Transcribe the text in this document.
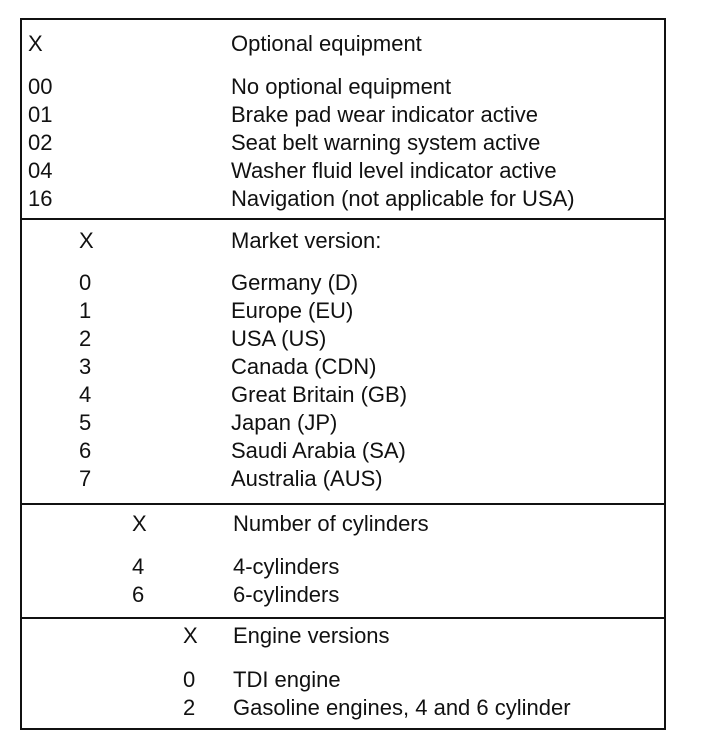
X	Optional equipment
00	No optional equipment
01	Brake pad wear indicator active
02	Seat belt warning system active
04	Washer fluid level indicator active
16	Navigation (not applicable for USA)
X	Market version:
0	Germany (D)
1	Europe (EU)
2	USA (US)
3	Canada (CDN)
4	Great Britain (GB)
5	Japan (JP)
6	Saudi Arabia (SA)
7	Australia (AUS)
X	Number of cylinders
4	4-cylinders
6	6-cylinders
X Engine versions
0 TDI engine
2 Gasoline engines, 4 and 6 cylinder
